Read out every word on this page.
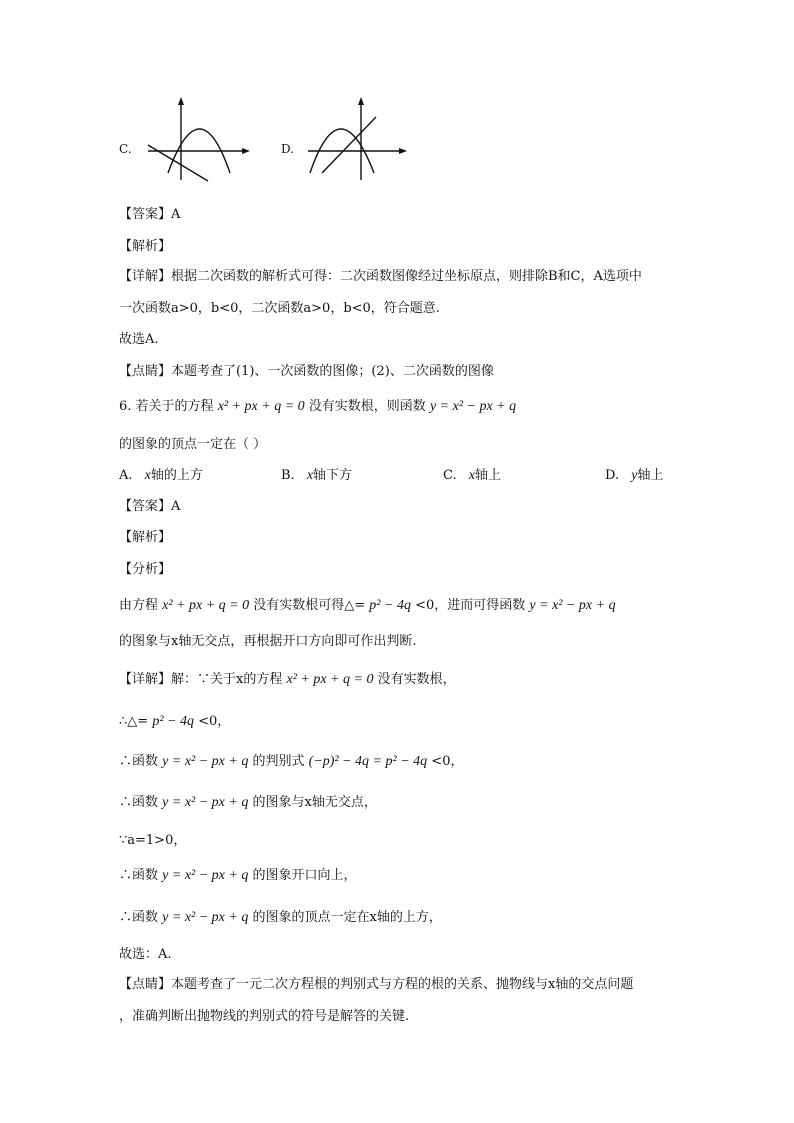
C.	D.
【答案】A
【解析】
【详解】根据二次函数的解析式可得：二次函数图像经过坐标原点，则排除B和C，A选项中
一次函数a>0，b<0，二次函数a>0，b<0，符合题意.
故选A.
【点睛】本题考查了(1)、一次函数的图像；(2)、二次函数的图像
6. 若关于的方程 x² + px + q = 0 没有实数根，则函数 y = x² − px + q
的图象的顶点一定在（ ）
A. x轴的上方	B. x轴下方	C. x轴上	D. y轴上
【答案】A
【解析】
【分析】
由方程 x² + px + q = 0 没有实数根可得△= p² − 4q <0，进而可得函数 y = x² − px + q
的图象与x轴无交点，再根据开口方向即可作出判断.
【详解】解：∵关于x的方程 x² + px + q = 0 没有实数根，
∴△= p² − 4q <0，
∴函数 y = x² − px + q 的判别式 (−p)² − 4q = p² − 4q <0，
∴函数 y = x² − px + q 的图象与x轴无交点，
∵a=1>0，
∴函数 y = x² − px + q 的图象开口向上，
∴函数 y = x² − px + q 的图象的顶点一定在x轴的上方，
故选：A.
【点睛】本题考查了一元二次方程根的判别式与方程的根的关系、抛物线与x轴的交点问题
，准确判断出抛物线的判别式的符号是解答的关键.
